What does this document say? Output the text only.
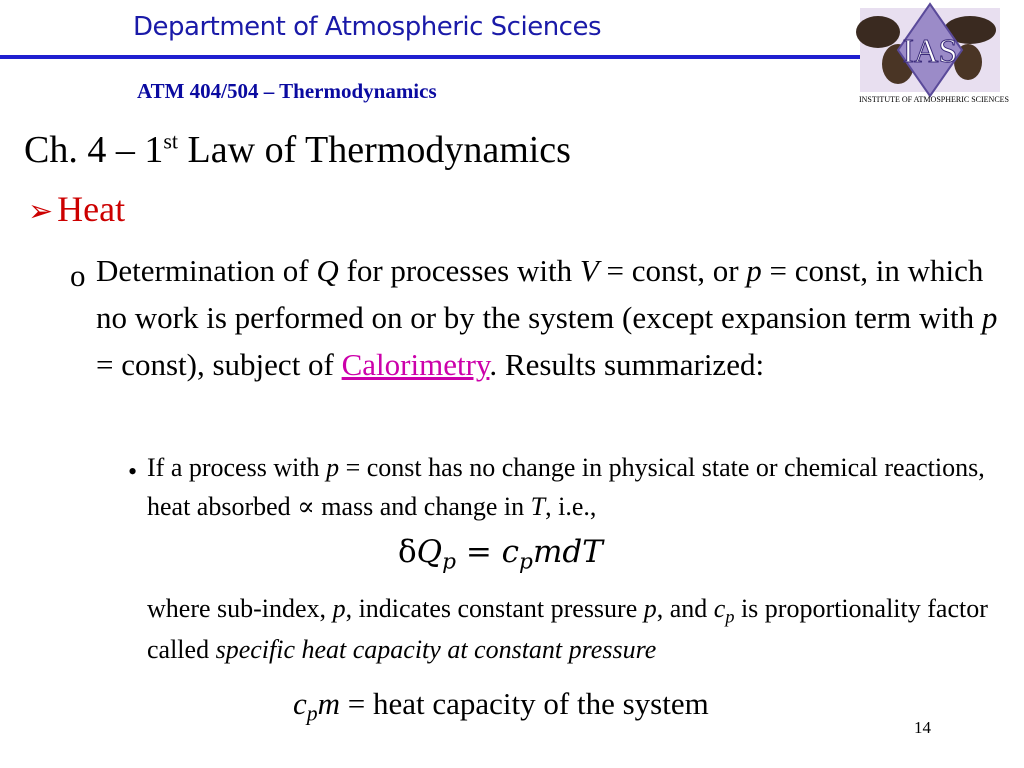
Department of Atmospheric Sciences
ATM 404/504 – Thermodynamics
IAS
INSTITUTE OF ATMOSPHERIC SCIENCES
Ch. 4 – 1st Law of Thermodynamics
➢ Heat
o Determination of Q for processes with V = const, or p = const, in which no work is performed on or by the system (except expansion term with p = const), subject of Calorimetry. Results summarized:
• If a process with p = const has no change in physical state or chemical reactions, heat absorbed ∝ mass and change in T, i.e.,
$\delta Q_p = c_pmdT$
where sub-index, p, indicates constant pressure p, and $c_p$ is proportionality factor called specific heat capacity at constant pressure
$c_pm$ = heat capacity of the system
14
